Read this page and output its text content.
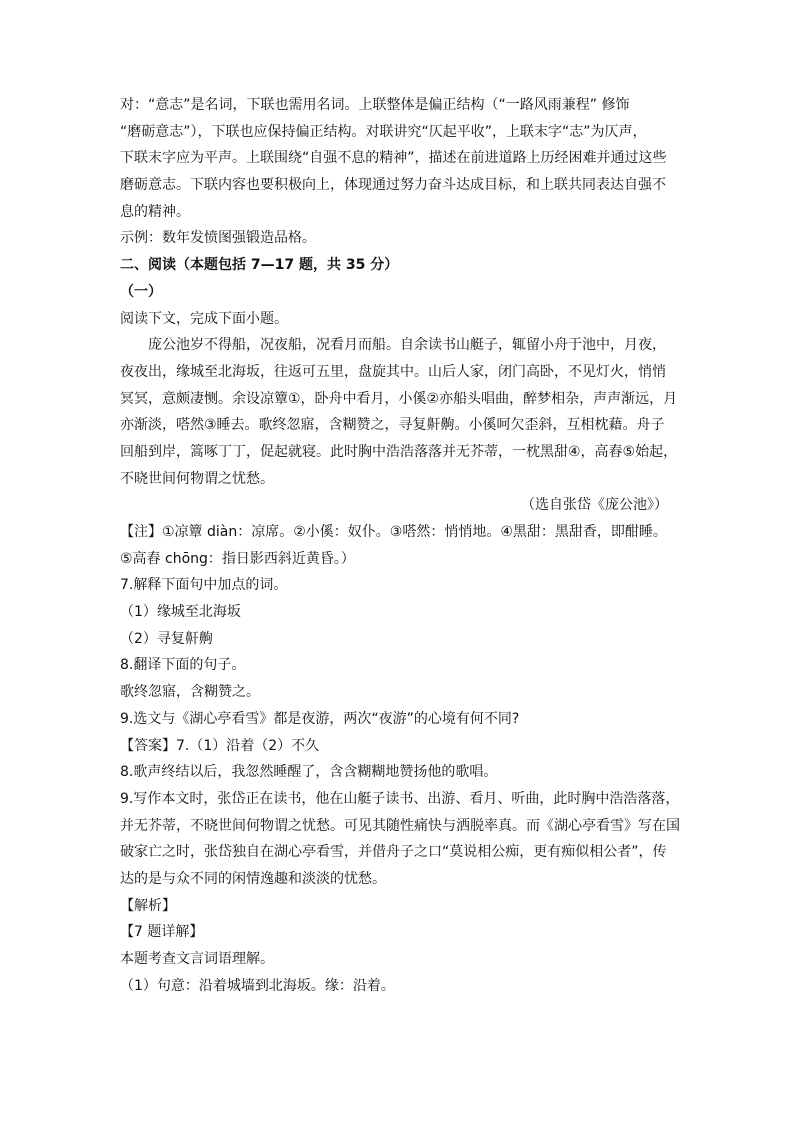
对：“意志”是名词，下联也需用名词。上联整体是偏正结构（“一路风雨兼程” 修饰
“磨砺意志”），下联也应保持偏正结构。对联讲究“仄起平收”，上联末字“志”为仄声，
下联末字应为平声。上联围绕“自强不息的精神”，描述在前进道路上历经困难并通过这些
磨砺意志。下联内容也要积极向上，体现通过努力奋斗达成目标，和上联共同表达自强不
息的精神。
示例：数年发愤图强锻造品格。
二、阅读（本题包括 7—17 题，共 35 分）
（一）
阅读下文，完成下面小题。
庞公池岁不得船，况夜船，况看月而船。自余读书山艇子，辄留小舟于池中，月夜，
夜夜出，缘城至北海坂，往返可五里，盘旋其中。山后人家，闭门高卧，不见灯火，悄悄
冥冥，意颇凄恻。余设凉簟①，卧舟中看月，小傒②亦船头唱曲，醉梦相杂，声声渐远，月
亦渐淡，嗒然③睡去。歌终忽寤，含糊赞之，寻复鼾齁。小傒呵欠歪斜，互相枕藉。舟子
回船到岸，篙啄丁丁，促起就寝。此时胸中浩浩落落并无芥蒂，一枕黑甜④，高舂⑤始起，
不晓世间何物谓之忧愁。
（选自张岱《庞公池》）
【注】①凉簟 diàn：凉席。②小傒：奴仆。③嗒然：悄悄地。④黑甜：黑甜香，即酣睡。
⑤高舂 chōng：指日影西斜近黄昏。）
7.解释下面句中加点的词。
（1）缘城至北海坂
（2）寻复鼾齁
8.翻译下面的句子。
歌终忽寤，含糊赞之。
9.选文与《湖心亭看雪》都是夜游，两次“夜游”的心境有何不同?
【答案】7.（1）沿着（2）不久
8.歌声终结以后，我忽然睡醒了，含含糊糊地赞扬他的歌唱。
9.写作本文时，张岱正在读书，他在山艇子读书、出游、看月、听曲，此时胸中浩浩落落，
并无芥蒂，不晓世间何物谓之忧愁。可见其随性痛快与洒脱率真。而《湖心亭看雪》写在国
破家亡之时，张岱独自在湖心亭看雪，并借舟子之口“莫说相公痴，更有痴似相公者”，传
达的是与众不同的闲情逸趣和淡淡的忧愁。
【解析】
【7 题详解】
本题考查文言词语理解。
（1）句意：沿着城墙到北海坂。缘：沿着。
